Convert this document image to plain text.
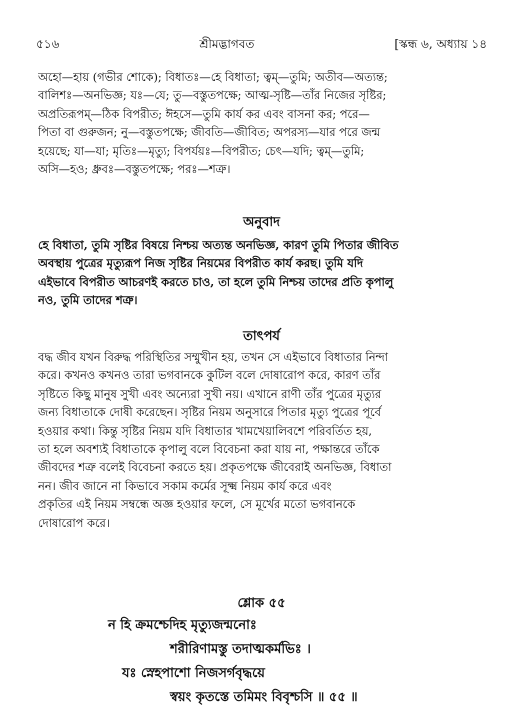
৫১৬	শ্রীমদ্ভাগবত	[স্কন্ধ ৬, অধ্যায় ১৪
অহো—হায় (গভীর শোকে); বিধাতঃ—হে বিধাতা; ত্বম্—তুমি; অতীব—অত্যন্ত;
বালিশঃ—অনভিজ্ঞ; যঃ—যে; তু—বস্তুতপক্ষে; আত্ম-সৃষ্টি—তাঁর নিজের সৃষ্টির;
অপ্রতিরূপম্—ঠিক বিপরীত; ঈহসে—তুমি কার্য কর এবং বাসনা কর; পরে—
পিতা বা গুরুজন; নু—বস্তুতপক্ষে; জীবতি—জীবিত; অপরস্য—যার পরে জন্ম
হয়েছে; যা—যা; মৃতিঃ—মৃত্যু; বিপর্যয়ঃ—বিপরীত; চেৎ—যদি; ত্বম্—তুমি;
অসি—হও; ধ্রুবঃ—বস্তুতপক্ষে; পরঃ—শত্রু।
অনুবাদ
হে বিধাতা, তুমি সৃষ্টির বিষয়ে নিশ্চয় অত্যন্ত অনভিজ্ঞ, কারণ তুমি পিতার জীবিত
অবস্থায় পুত্রের মৃত্যুরূপ নিজ সৃষ্টির নিয়মের বিপরীত কার্য করছ। তুমি যদি
এইভাবে বিপরীত আচরণই করতে চাও, তা হলে তুমি নিশ্চয় তাদের প্রতি কৃপালু
নও, তুমি তাদের শত্রু।
তাৎপর্য
বদ্ধ জীব যখন বিরুদ্ধ পরিস্থিতির সম্মুখীন হয়, তখন সে এইভাবে বিধাতার নিন্দা
করে। কখনও কখনও তারা ভগবানকে কুটিল বলে দোষারোপ করে, কারণ তাঁর
সৃষ্টিতে কিছু মানুষ সুখী এবং অন্যেরা সুখী নয়। এখানে রাণী তাঁর পুত্রের মৃত্যুর
জন্য বিধাতাকে দোষী করেছেন। সৃষ্টির নিয়ম অনুসারে পিতার মৃত্যু পুত্রের পূর্বে
হওয়ার কথা। কিন্তু সৃষ্টির নিয়ম যদি বিধাতার খামখেয়ালিবশে পরিবর্তিত হয়,
তা হলে অবশ্যই বিধাতাকে কৃপালু বলে বিবেচনা করা যায় না, পক্ষান্তরে তাঁকে
জীবদের শত্রু বলেই বিবেচনা করতে হয়। প্রকৃতপক্ষে জীবেরাই অনভিজ্ঞ, বিধাতা
নন। জীব জানে না কিভাবে সকাম কর্মের সূক্ষ্ম নিয়ম কার্য করে এবং
প্রকৃতির এই নিয়ম সম্বন্ধে অজ্ঞ হওয়ার ফলে, সে মূর্খের মতো ভগবানকে
দোষারোপ করে।
শ্লোক ৫৫
ন হি ক্রমশ্চেদিহ মৃত্যুজন্মনোঃ
শরীরিণামস্তু তদাত্মকর্মভিঃ ।
যঃ স্নেহপাশো নিজসর্গবৃদ্ধয়ে
স্বয়ং কৃতস্তে তমিমং বিবৃশ্চসি ॥ ৫৫ ॥
